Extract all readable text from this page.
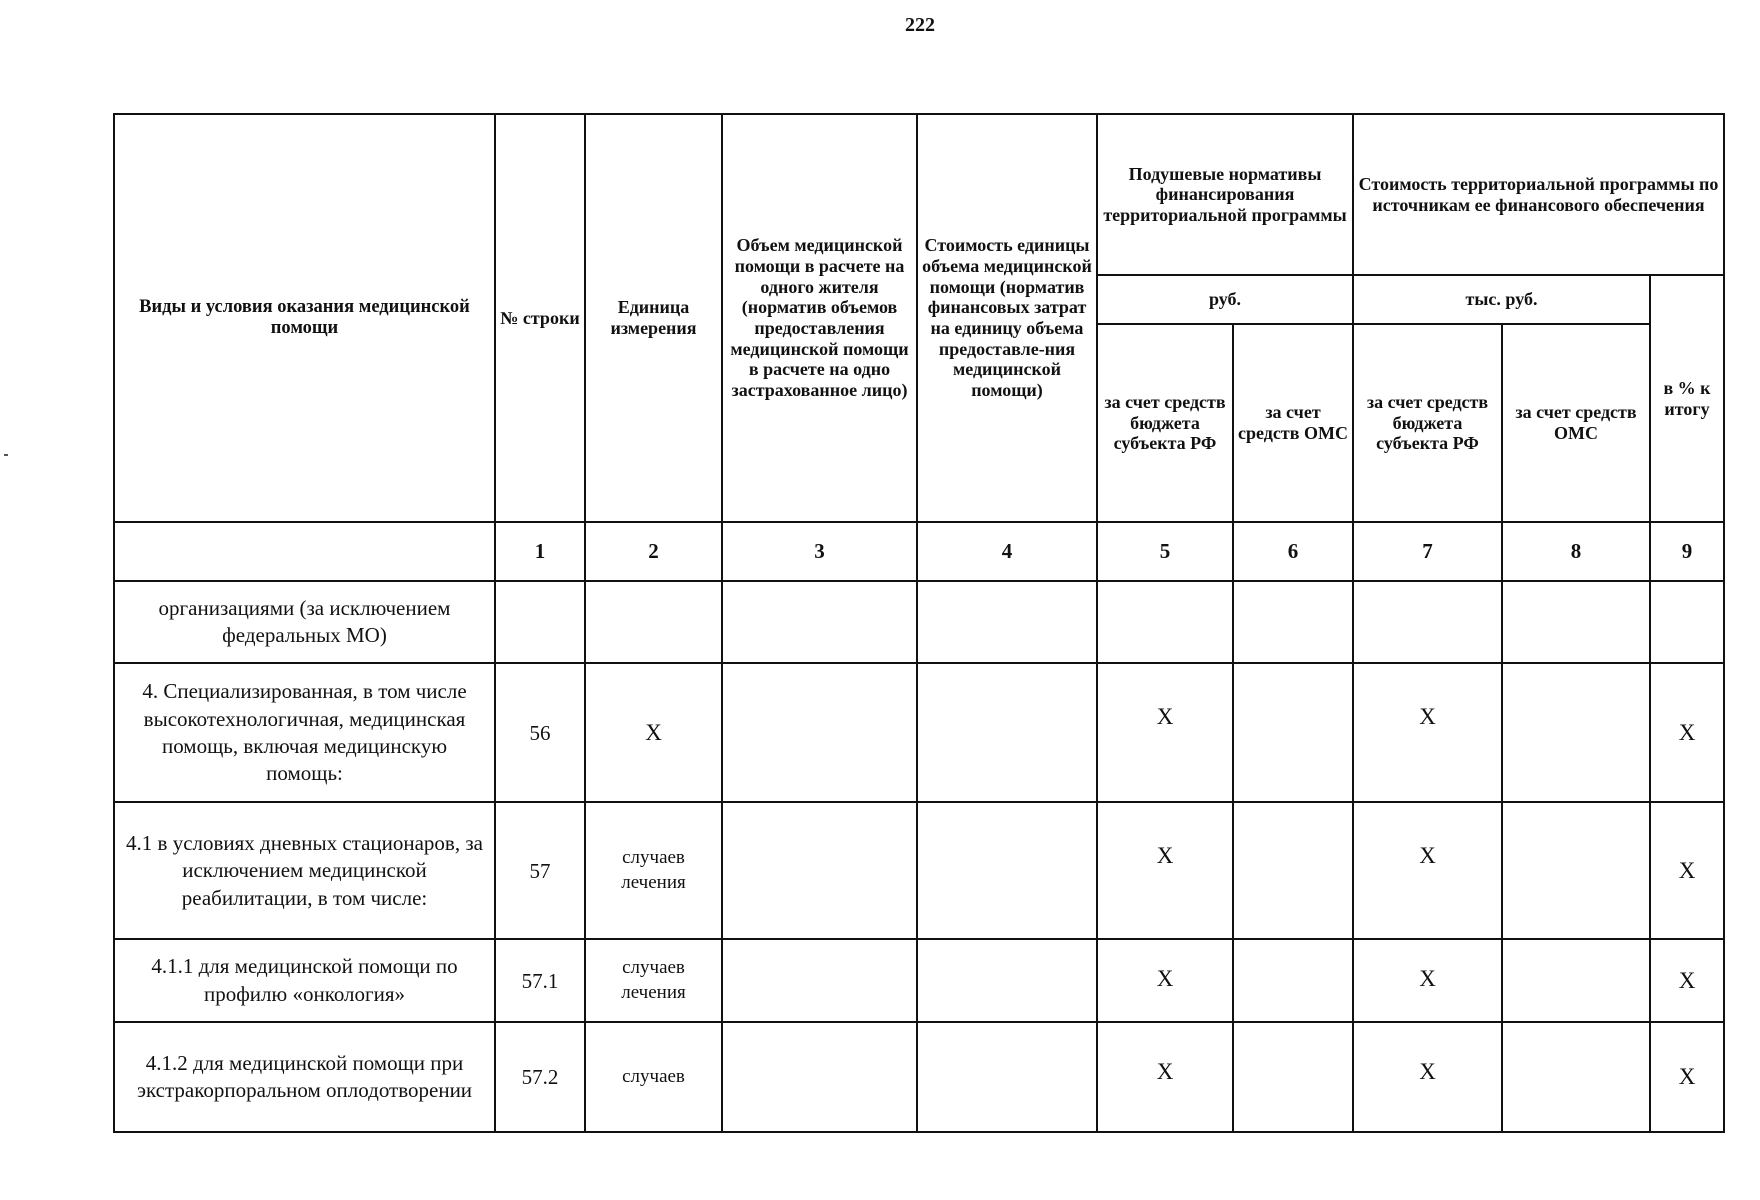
222
Виды и условия оказания медицинской помощи	№ строки	Единица измерения	Объем медицинской помощи в расчете на одного жителя (норматив объемов предоставления медицинской помощи в расчете на одно застрахованное лицо)	Стоимость единицы объема медицинской помощи (норматив финансовых затрат на единицу объема предоставле-ния медицинской помощи)	Подушевые нормативы финансирования территориальной программы		Стоимость территориальной программы по источникам ее финансового обеспечения		
					руб.		тыс. руб.		в % к итогу
					за счет средств бюджета субъекта РФ	за счет средств ОМС	за счет средств бюджета субъекта РФ	за счет средств ОМС	
	1	2	3	4	5	6	7	8	9
организациями (за исключением федеральных МО)									
4. Специализированная, в том числе высокотехнологичная, медицинская помощь, включая медицинскую помощь:	56	X			X		X		X
4.1 в условиях дневных стационаров, за исключением медицинской реабилитации, в том числе:	57	случаев лечения			X		X		X
4.1.1 для медицинской помощи по профилю «онкология»	57.1	случаев лечения			X		X		X
4.1.2 для медицинской помощи при экстракорпоральном оплодотворении	57.2	случаев			X		X		X
